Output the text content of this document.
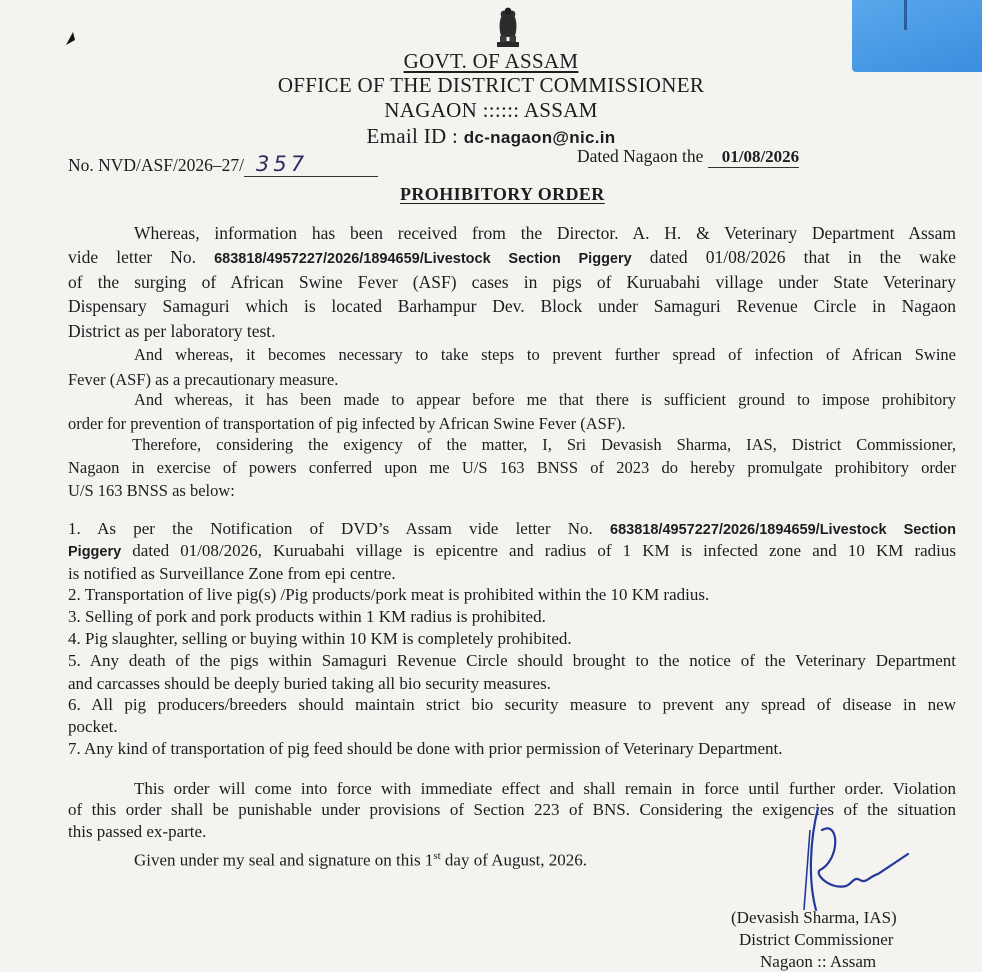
GOVT. OF ASSAM
OFFICE OF THE DISTRICT COMMISSIONER
NAGAON :::::: ASSAM
Email ID : dc-nagaon@nic.in
No. NVD/ASF/2026–27/ 357	Dated Nagaon the 01/08/2026
PROHIBITORY ORDER
Whereas, information has been received from the Director. A. H. & Veterinary Department Assam
vide letter No. 683818/4957227/2026/1894659/Livestock Section Piggery dated 01/08/2026 that in the wake
of the surging of African Swine Fever (ASF) cases in pigs of Kuruabahi village under State Veterinary
Dispensary Samaguri which is located Barhampur Dev. Block under Samaguri Revenue Circle in Nagaon
District as per laboratory test.
And whereas, it becomes necessary to take steps to prevent further spread of infection of African Swine
Fever (ASF) as a precautionary measure.
And whereas, it has been made to appear before me that there is sufficient ground to impose prohibitory
order for prevention of transportation of pig infected by African Swine Fever (ASF).
Therefore, considering the exigency of the matter, I, Sri Devasish Sharma, IAS, District Commissioner,
Nagaon in exercise of powers conferred upon me U/S 163 BNSS of 2023 do hereby promulgate prohibitory order
U/S 163 BNSS as below:
1. As per the Notification of DVD’s Assam vide letter No. 683818/4957227/2026/1894659/Livestock Section
Piggery dated 01/08/2026, Kuruabahi village is epicentre and radius of 1 KM is infected zone and 10 KM radius
is notified as Surveillance Zone from epi centre.
2. Transportation of live pig(s) /Pig products/pork meat is prohibited within the 10 KM radius.
3. Selling of pork and pork products within 1 KM radius is prohibited.
4. Pig slaughter, selling or buying within 10 KM is completely prohibited.
5. Any death of the pigs within Samaguri Revenue Circle should brought to the notice of the Veterinary Department
and carcasses should be deeply buried taking all bio security measures.
6. All pig producers/breeders should maintain strict bio security measure to prevent any spread of disease in new
pocket.
7. Any kind of transportation of pig feed should be done with prior permission of Veterinary Department.
This order will come into force with immediate effect and shall remain in force until further order. Violation
of this order shall be punishable under provisions of Section 223 of BNS. Considering the exigencies of the situation
this passed ex-parte.
Given under my seal and signature on this 1st day of August, 2026.
(Devasish Sharma, IAS)
District Commissioner
Nagaon :: Assam
